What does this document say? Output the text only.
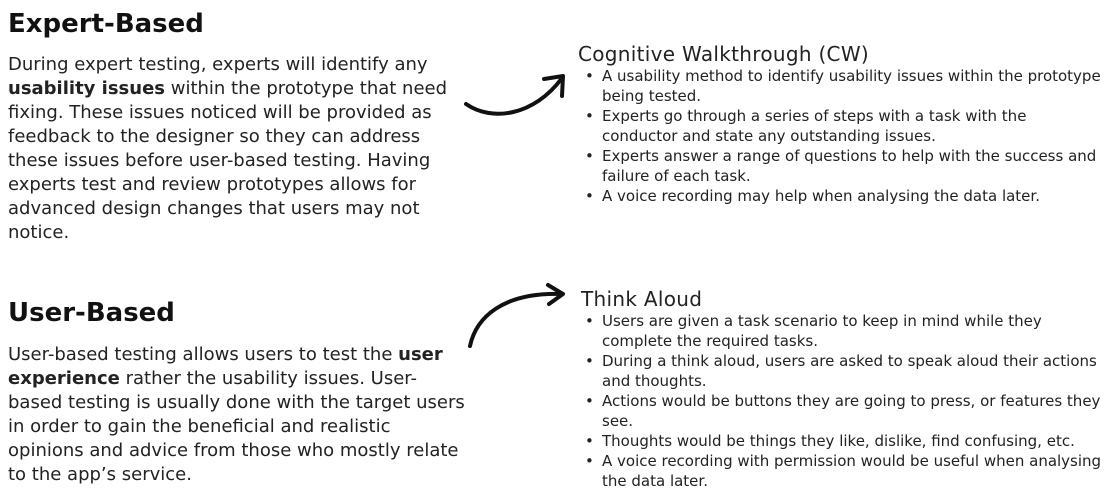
Expert-Based

During expert testing, experts will identify any usability issues within the prototype that need fixing. These issues noticed will be provided as feedback to the designer so they can address these issues before user-based testing. Having experts test and review prototypes allows for advanced design changes that users may not notice.

Cognitive Walkthrough (CW)
• A usability method to identify usability issues within the prototype being tested.
• Experts go through a series of steps with a task with the conductor and state any outstanding issues.
• Experts answer a range of questions to help with the success and failure of each task.
• A voice recording may help when analysing the data later.
User-Based

User-based testing allows users to test the user experience rather the usability issues. User-based testing is usually done with the target users in order to gain the beneficial and realistic opinions and advice from those who mostly relate to the app’s service.

Think Aloud
• Users are given a task scenario to keep in mind while they complete the required tasks.
• During a think aloud, users are asked to speak aloud their actions and thoughts.
• Actions would be buttons they are going to press, or features they see.
• Thoughts would be things they like, dislike, find confusing, etc.
• A voice recording with permission would be useful when analysing the data later.
